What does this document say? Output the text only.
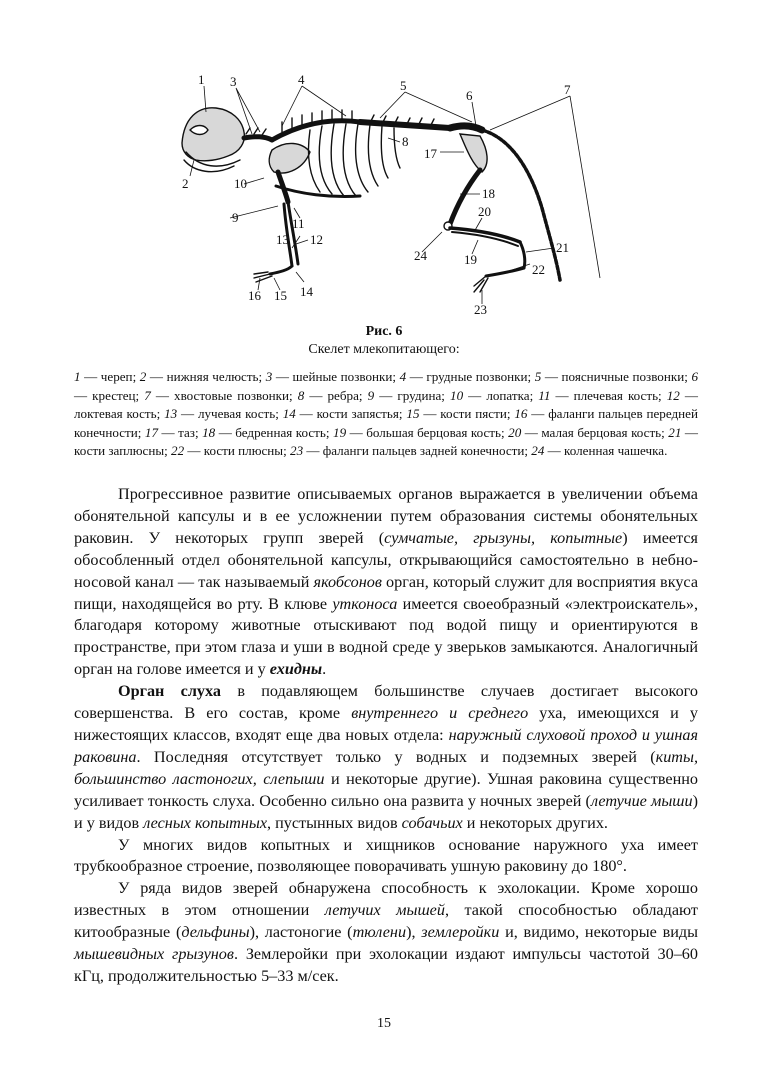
1
2
3	4	5
6	7
8
9
10
11
12
13
14
15
16
17
18
19
20
21
22
23
24
Рис. 6
Скелет млекопитающего:
1 — череп; 2 — нижняя челюсть; 3 — шейные позвонки; 4 — грудные позвонки; 5 — поясничные позвонки; 6 — крестец; 7 — хвостовые позвонки; 8 — ребра; 9 — грудина; 10 — лопатка; 11 — плечевая кость; 12 — локтевая кость; 13 — лучевая кость; 14 — кости запястья; 15 — кости пясти; 16 — фаланги пальцев передней конечности; 17 — таз; 18 — бедренная кость; 19 — большая берцовая кость; 20 — малая берцовая кость; 21 — кости заплюсны; 22 — кости плюсны; 23 — фаланги пальцев задней конечности; 24 — коленная чашечка.

Прогрессивное развитие описываемых органов выражается в увеличении объема обонятельной капсулы и в ее усложнении путем образования системы обонятельных раковин. У некоторых групп зверей (сумчатые, грызуны, копытные) имеется обособленный отдел обонятельной капсулы, открывающийся самостоятельно в небно-носовой канал — так называемый якобсонов орган, который служит для восприятия вкуса пищи, находящейся во рту. В клюве утконоса имеется своеобразный «электроискатель», благодаря которому животные отыскивают под водой пищу и ориентируются в пространстве, при этом глаза и уши в водной среде у зверьков замыкаются. Аналогичный орган на голове имеется и у ехидны.

Орган слуха в подавляющем большинстве случаев достигает высокого совершенства. В его состав, кроме внутреннего и среднего уха, имеющихся и у нижестоящих классов, входят еще два новых отдела: наружный слуховой проход и ушная раковина. Последняя отсутствует только у водных и подземных зверей (киты, большинство ластоногих, слепыши и некоторые другие). Ушная раковина существенно усиливает тонкость слуха. Особенно сильно она развита у ночных зверей (летучие мыши) и у видов лесных копытных, пустынных видов собачьих и некоторых других.

У многих видов копытных и хищников основание наружного уха имеет трубкообразное строение, позволяющее поворачивать ушную раковину до 180°.

У ряда видов зверей обнаружена способность к эхолокации. Кроме хорошо известных в этом отношении летучих мышей, такой способностью обладают китообразные (дельфины), ластоногие (тюлени), землеройки и, видимо, некоторые виды мышевидных грызунов. Землеройки при эхолокации издают импульсы частотой 30–60 кГц, продолжительностью 5–33 м/сек.

15
